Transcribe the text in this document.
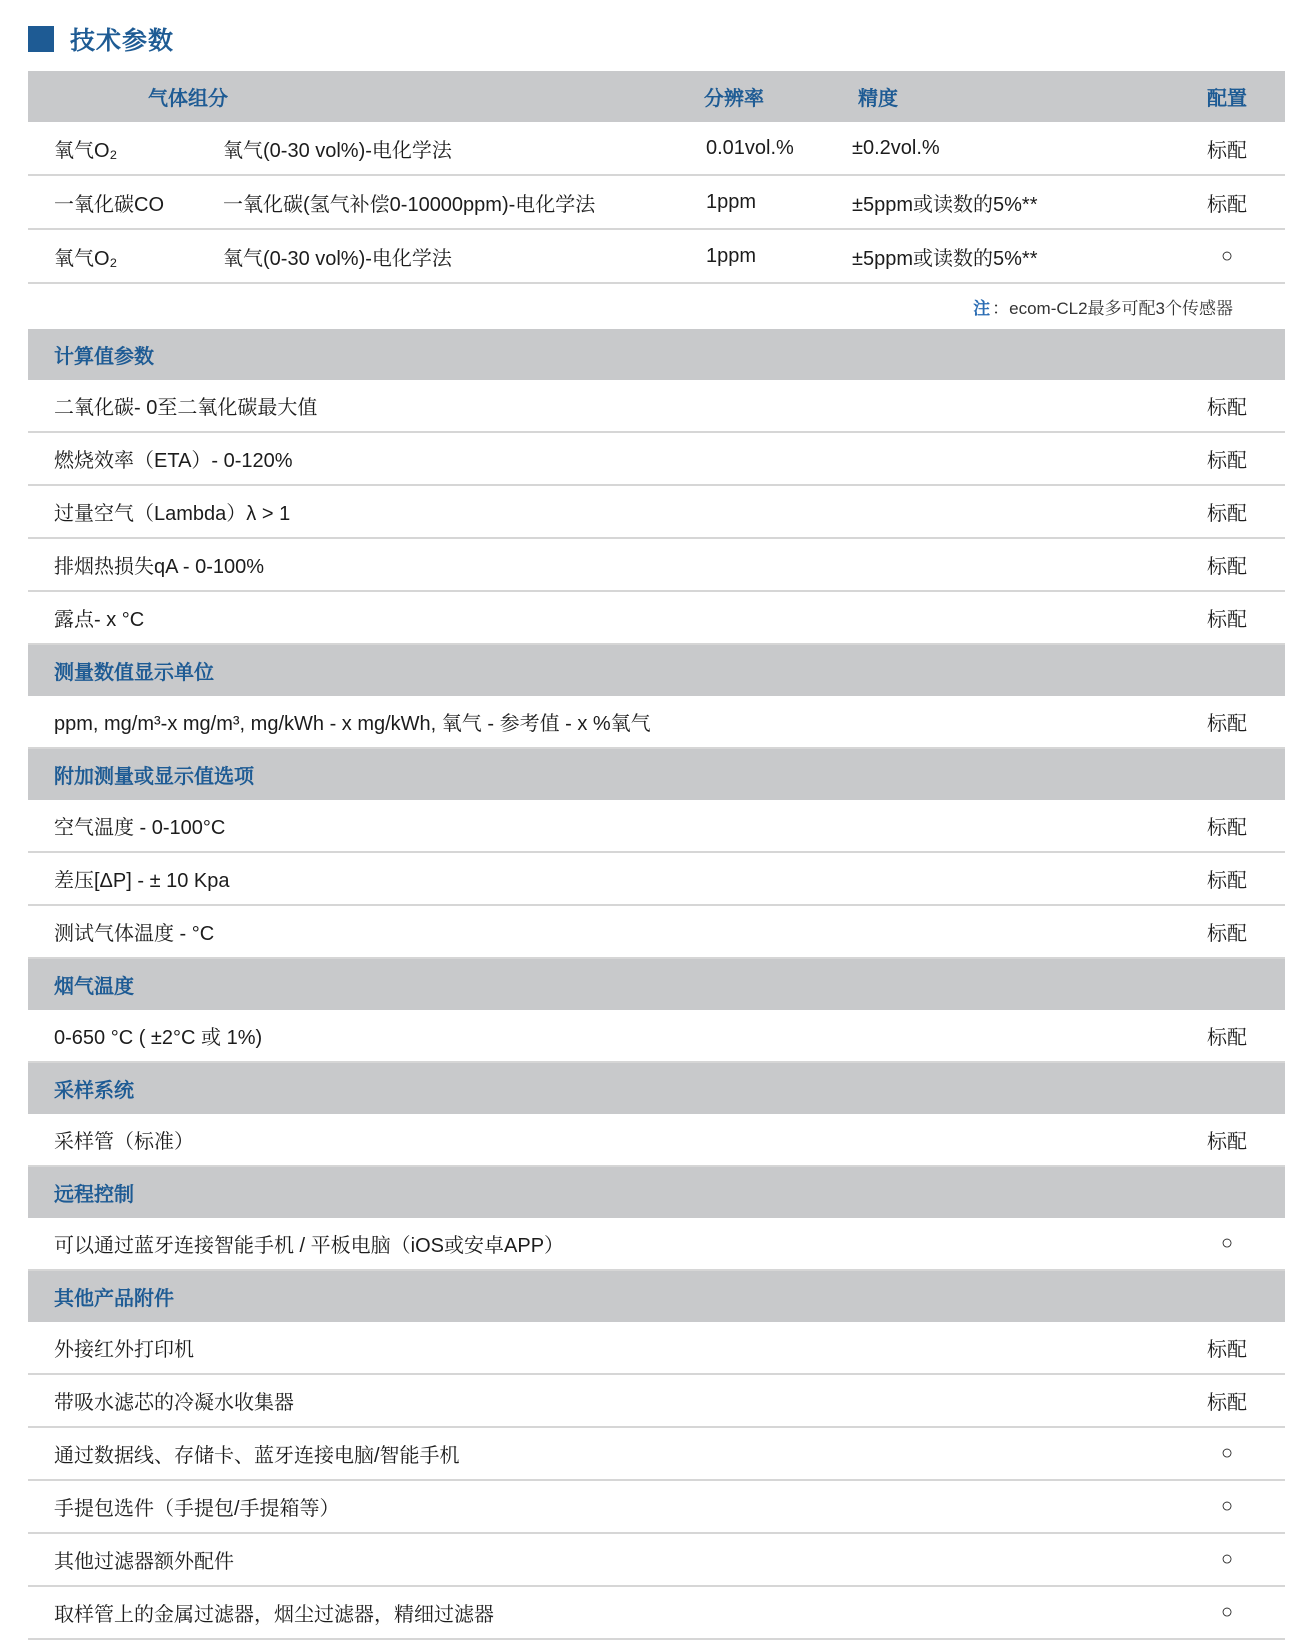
技术参数
气体组分	分辨率	精度	配置
氧气O₂	氧气(0-30 vol%)-电化学法	0.01vol.%	±0.2vol.%	标配
一氧化碳CO	一氧化碳(氢气补偿0-10000ppm)-电化学法	1ppm	±5ppm或读数的5%**	标配
氧气O₂	氧气(0-30 vol%)-电化学法	1ppm	±5ppm或读数的5%**	○
注 ：ecom-CL2最多可配3个传感器
计算值参数
二氧化碳- 0至二氧化碳最大值	标配
燃烧效率（ETA）- 0-120%	标配
过量空气（Lambda）λ > 1	标配
排烟热损失qA - 0-100%	标配
露点- x °C	标配
测量数值显示单位
ppm, mg/m³-x mg/m³, mg/kWh - x mg/kWh, 氧气 - 参考值 - x %氧气	标配
附加测量或显示值选项
空气温度 - 0-100°C	标配
差压[ΔP] - ± 10 Kpa	标配
测试气体温度 - °C	标配
烟气温度
0-650 °C ( ±2°C 或 1%)	标配
采样系统
采样管（标准）	标配
远程控制
可以通过蓝牙连接智能手机 / 平板电脑（iOS或安卓APP）	○
其他产品附件
外接红外打印机	标配
带吸水滤芯的冷凝水收集器	标配
通过数据线、存储卡、蓝牙连接电脑/智能手机	○
手提包选件（手提包/手提箱等）	○
其他过滤器额外配件	○
取样管上的金属过滤器，烟尘过滤器，精细过滤器	○
